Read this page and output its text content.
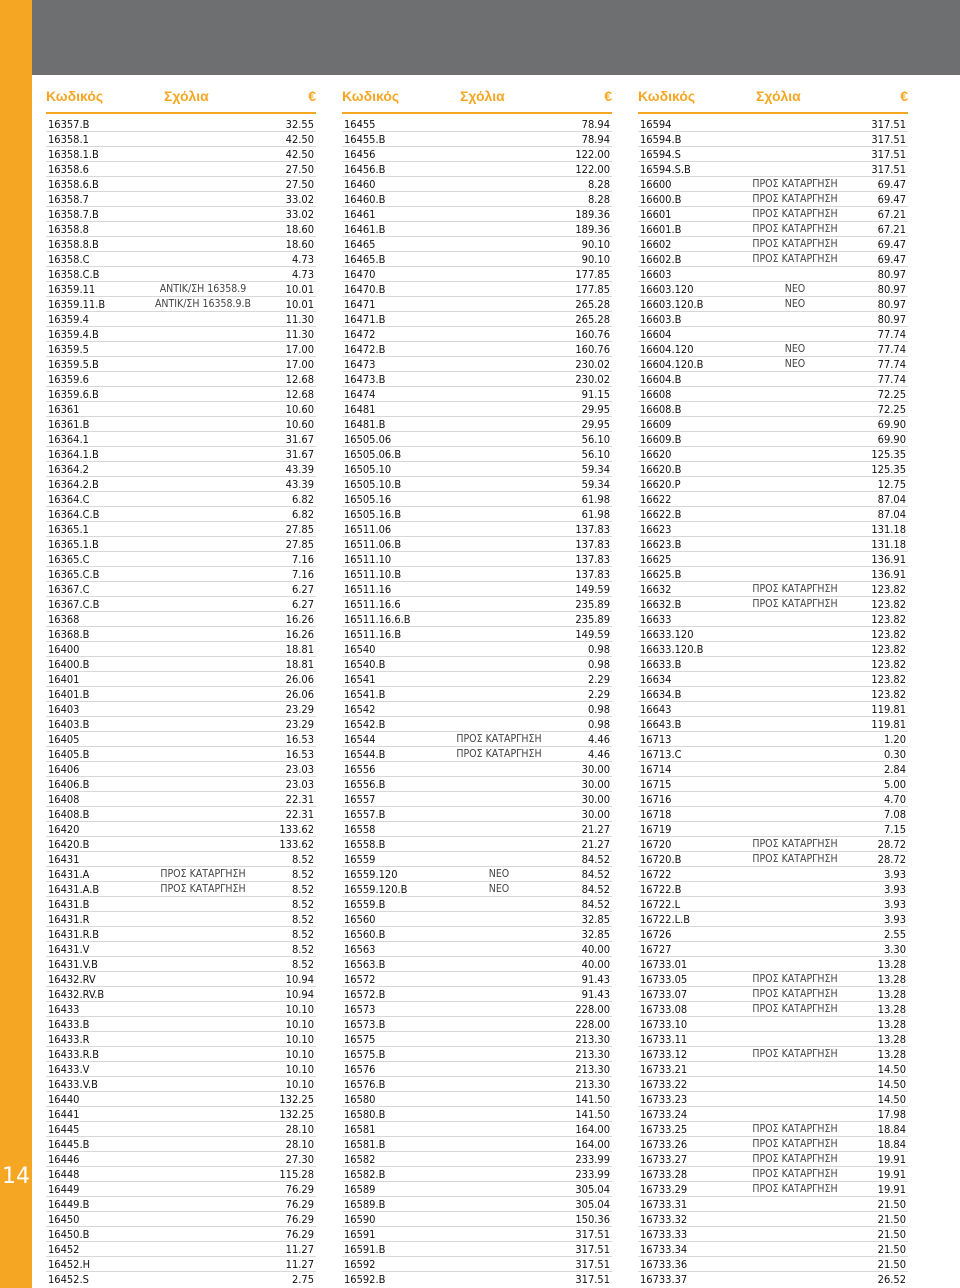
14
Κωδικός	Σχόλια	€
16357.B	32.55
16358.1	42.50
16358.1.B	42.50
16358.6	27.50
16358.6.B	27.50
16358.7	33.02
16358.7.B	33.02
16358.8	18.60
16358.8.B	18.60
16358.C	4.73
16358.C.B	4.73
16359.11	ΑΝΤΙΚ/ΣΗ 16358.9	10.01
16359.11.B	ΑΝΤΙΚ/ΣΗ 16358.9.B	10.01
16359.4	11.30
16359.4.B	11.30
16359.5	17.00
16359.5.B	17.00
16359.6	12.68
16359.6.B	12.68
16361	10.60
16361.B	10.60
16364.1	31.67
16364.1.B	31.67
16364.2	43.39
16364.2.B	43.39
16364.C	6.82
16364.C.B	6.82
16365.1	27.85
16365.1.B	27.85
16365.C	7.16
16365.C.B	7.16
16367.C	6.27
16367.C.B	6.27
16368	16.26
16368.B	16.26
16400	18.81
16400.B	18.81
16401	26.06
16401.B	26.06
16403	23.29
16403.B	23.29
16405	16.53
16405.B	16.53
16406	23.03
16406.B	23.03
16408	22.31
16408.B	22.31
16420	133.62
16420.B	133.62
16431	8.52
16431.A	ΠΡΟΣ ΚΑΤΑΡΓΗΣΗ	8.52
16431.A.B	ΠΡΟΣ ΚΑΤΑΡΓΗΣΗ	8.52
16431.B	8.52
16431.R	8.52
16431.R.B	8.52
16431.V	8.52
16431.V.B	8.52
16432.RV	10.94
16432.RV.B	10.94
16433	10.10
16433.B	10.10
16433.R	10.10
16433.R.B	10.10
16433.V	10.10
16433.V.B	10.10
16440	132.25
16441	132.25
16445	28.10
16445.B	28.10
16446	27.30
16448	115.28
16449	76.29
16449.B	76.29
16450	76.29
16450.B	76.29
16452	11.27
16452.H	11.27
16452.S	2.75
Κωδικός	Σχόλια	€
16455	78.94
16455.B	78.94
16456	122.00
16456.B	122.00
16460	8.28
16460.B	8.28
16461	189.36
16461.B	189.36
16465	90.10
16465.B	90.10
16470	177.85
16470.B	177.85
16471	265.28
16471.B	265.28
16472	160.76
16472.B	160.76
16473	230.02
16473.B	230.02
16474	91.15
16481	29.95
16481.B	29.95
16505.06	56.10
16505.06.B	56.10
16505.10	59.34
16505.10.B	59.34
16505.16	61.98
16505.16.B	61.98
16511.06	137.83
16511.06.B	137.83
16511.10	137.83
16511.10.B	137.83
16511.16	149.59
16511.16.6	235.89
16511.16.6.B	235.89
16511.16.B	149.59
16540	0.98
16540.B	0.98
16541	2.29
16541.B	2.29
16542	0.98
16542.B	0.98
16544	ΠΡΟΣ ΚΑΤΑΡΓΗΣΗ	4.46
16544.B	ΠΡΟΣ ΚΑΤΑΡΓΗΣΗ	4.46
16556	30.00
16556.B	30.00
16557	30.00
16557.B	30.00
16558	21.27
16558.B	21.27
16559	84.52
16559.120	ΝΕΟ	84.52
16559.120.B	ΝΕΟ	84.52
16559.B	84.52
16560	32.85
16560.B	32.85
16563	40.00
16563.B	40.00
16572	91.43
16572.B	91.43
16573	228.00
16573.B	228.00
16575	213.30
16575.B	213.30
16576	213.30
16576.B	213.30
16580	141.50
16580.B	141.50
16581	164.00
16581.B	164.00
16582	233.99
16582.B	233.99
16589	305.04
16589.B	305.04
16590	150.36
16591	317.51
16591.B	317.51
16592	317.51
16592.B	317.51
Κωδικός	Σχόλια	€
16594	317.51
16594.B	317.51
16594.S	317.51
16594.S.B	317.51
16600	ΠΡΟΣ ΚΑΤΑΡΓΗΣΗ	69.47
16600.B	ΠΡΟΣ ΚΑΤΑΡΓΗΣΗ	69.47
16601	ΠΡΟΣ ΚΑΤΑΡΓΗΣΗ	67.21
16601.B	ΠΡΟΣ ΚΑΤΑΡΓΗΣΗ	67.21
16602	ΠΡΟΣ ΚΑΤΑΡΓΗΣΗ	69.47
16602.B	ΠΡΟΣ ΚΑΤΑΡΓΗΣΗ	69.47
16603	80.97
16603.120	ΝΕΟ	80.97
16603.120.B	ΝΕΟ	80.97
16603.B	80.97
16604	77.74
16604.120	ΝΕΟ	77.74
16604.120.B	ΝΕΟ	77.74
16604.B	77.74
16608	72.25
16608.B	72.25
16609	69.90
16609.B	69.90
16620	125.35
16620.B	125.35
16620.P	12.75
16622	87.04
16622.B	87.04
16623	131.18
16623.B	131.18
16625	136.91
16625.B	136.91
16632	ΠΡΟΣ ΚΑΤΑΡΓΗΣΗ	123.82
16632.B	ΠΡΟΣ ΚΑΤΑΡΓΗΣΗ	123.82
16633	123.82
16633.120	123.82
16633.120.B	123.82
16633.B	123.82
16634	123.82
16634.B	123.82
16643	119.81
16643.B	119.81
16713	1.20
16713.C	0.30
16714	2.84
16715	5.00
16716	4.70
16718	7.08
16719	7.15
16720	ΠΡΟΣ ΚΑΤΑΡΓΗΣΗ	28.72
16720.B	ΠΡΟΣ ΚΑΤΑΡΓΗΣΗ	28.72
16722	3.93
16722.B	3.93
16722.L	3.93
16722.L.B	3.93
16726	2.55
16727	3.30
16733.01	13.28
16733.05	ΠΡΟΣ ΚΑΤΑΡΓΗΣΗ	13.28
16733.07	ΠΡΟΣ ΚΑΤΑΡΓΗΣΗ	13.28
16733.08	ΠΡΟΣ ΚΑΤΑΡΓΗΣΗ	13.28
16733.10	13.28
16733.11	13.28
16733.12	ΠΡΟΣ ΚΑΤΑΡΓΗΣΗ	13.28
16733.21	14.50
16733.22	14.50
16733.23	14.50
16733.24	17.98
16733.25	ΠΡΟΣ ΚΑΤΑΡΓΗΣΗ	18.84
16733.26	ΠΡΟΣ ΚΑΤΑΡΓΗΣΗ	18.84
16733.27	ΠΡΟΣ ΚΑΤΑΡΓΗΣΗ	19.91
16733.28	ΠΡΟΣ ΚΑΤΑΡΓΗΣΗ	19.91
16733.29	ΠΡΟΣ ΚΑΤΑΡΓΗΣΗ	19.91
16733.31	21.50
16733.32	21.50
16733.33	21.50
16733.34	21.50
16733.36	21.50
16733.37	26.52
